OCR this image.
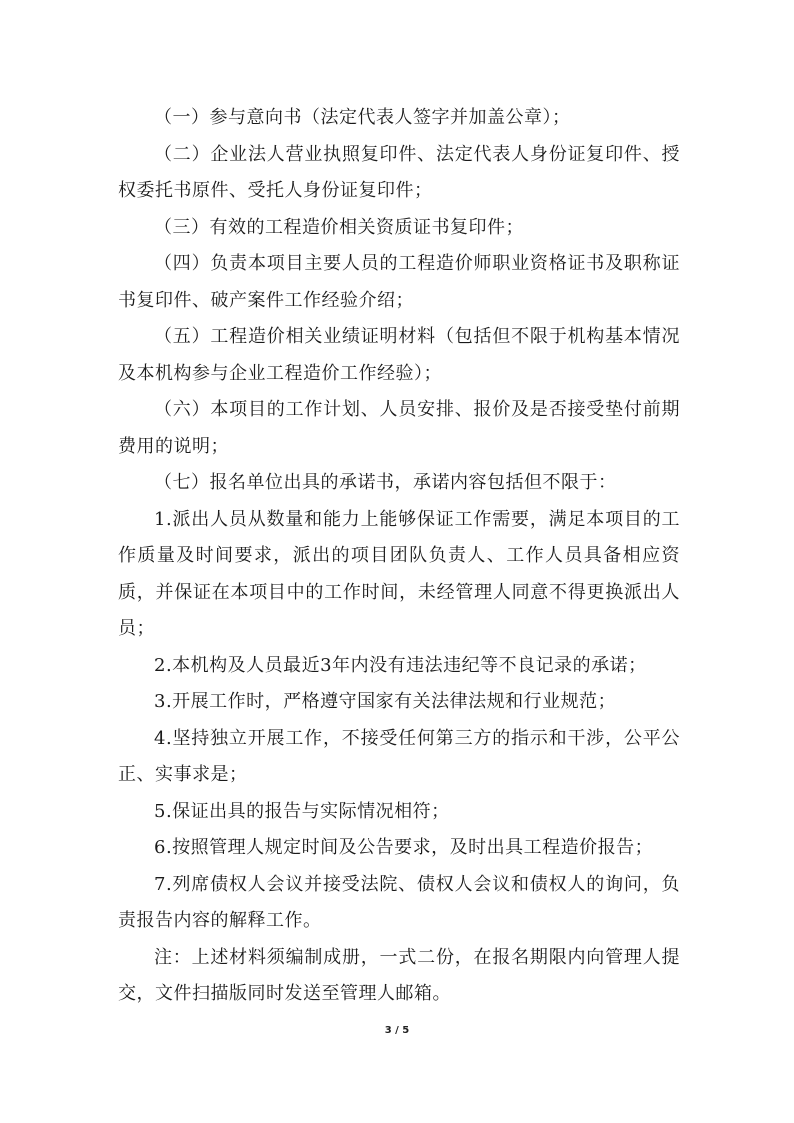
（一）参与意向书（法定代表人签字并加盖公章）；

（二）企业法人营业执照复印件、法定代表人身份证复印件、授权委托书原件、受托人身份证复印件；

（三）有效的工程造价相关资质证书复印件；

（四）负责本项目主要人员的工程造价师职业资格证书及职称证书复印件、破产案件工作经验介绍；

（五）工程造价相关业绩证明材料（包括但不限于机构基本情况及本机构参与企业工程造价工作经验）；

（六）本项目的工作计划、人员安排、报价及是否接受垫付前期费用的说明；

（七）报名单位出具的承诺书，承诺内容包括但不限于：

1.派出人员从数量和能力上能够保证工作需要，满足本项目的工作质量及时间要求，派出的项目团队负责人、工作人员具备相应资质，并保证在本项目中的工作时间，未经管理人同意不得更换派出人员；

2.本机构及人员最近3年内没有违法违纪等不良记录的承诺；

3.开展工作时，严格遵守国家有关法律法规和行业规范；

4.坚持独立开展工作，不接受任何第三方的指示和干涉，公平公正、实事求是；

5.保证出具的报告与实际情况相符；

6.按照管理人规定时间及公告要求，及时出具工程造价报告；

7.列席债权人会议并接受法院、债权人会议和债权人的询问，负责报告内容的解释工作。

注：上述材料须编制成册，一式二份，在报名期限内向管理人提交，文件扫描版同时发送至管理人邮箱。

3 / 5
